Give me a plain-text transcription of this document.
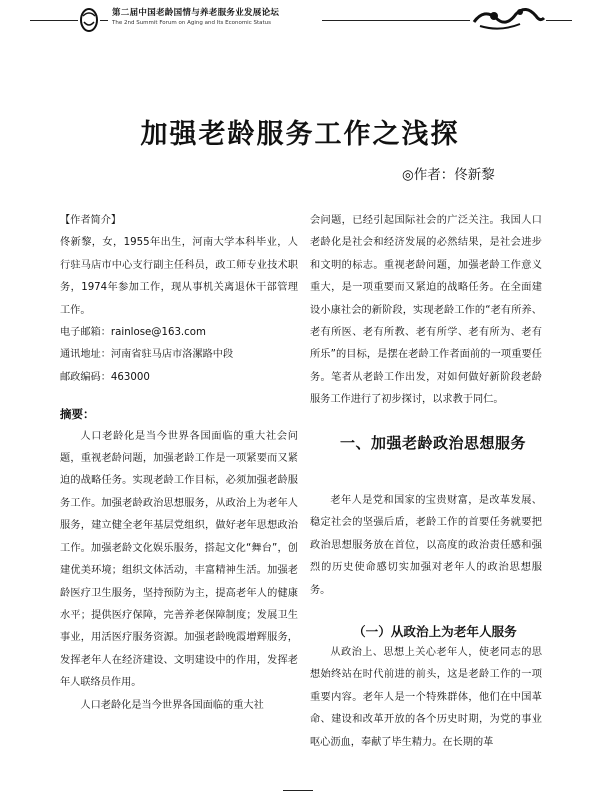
第二届中国老龄国情与养老服务业发展论坛
The 2nd Summit Forum on Aging and Its Economic Status
加强老龄服务工作之浅探
◎作者：佟新黎

【作者简介】

佟新黎，女，1955年出生，河南大学本科毕业，人行驻马店市中心支行副主任科员，政工师专业技术职务，1974年参加工作，现从事机关离退休干部管理工作。

电子邮箱：rainlose@163.com

通讯地址：河南省驻马店市洛漯路中段

邮政编码：463000

摘要：

人口老龄化是当今世界各国面临的重大社会问题，重视老龄问题，加强老龄工作是一项紧要而又紧迫的战略任务。实现老龄工作目标，必须加强老龄服务工作。加强老龄政治思想服务，从政治上为老年人服务，建立健全老年基层党组织，做好老年思想政治工作。加强老龄文化娱乐服务，搭起文化“舞台”，创建优美环境；组织文体活动，丰富精神生活。加强老龄医疗卫生服务，坚持预防为主，提高老年人的健康水平；提供医疗保障，完善养老保障制度；发展卫生事业，用活医疗服务资源。加强老龄晚霞增辉服务，发挥老年人在经济建设、文明建设中的作用，发挥老年人联络员作用。

人口老龄化是当今世界各国面临的重大社

会问题，已经引起国际社会的广泛关注。我国人口老龄化是社会和经济发展的必然结果，是社会进步和文明的标志。重视老龄问题，加强老龄工作意义重大，是一项重要而又紧迫的战略任务。在全面建设小康社会的新阶段，实现老龄工作的“老有所养、老有所医、老有所教、老有所学、老有所为、老有所乐”的目标，是摆在老龄工作者面前的一项重要任务。笔者从老龄工作出发，对如何做好新阶段老龄服务工作进行了初步探讨，以求教于同仁。

一、加强老龄政治思想服务

老年人是党和国家的宝贵财富，是改革发展、稳定社会的坚强后盾，老龄工作的首要任务就要把政治思想服务放在首位，以高度的政治责任感和强烈的历史使命感切实加强对老年人的政治思想服务。

（一）从政治上为老年人服务

从政治上、思想上关心老年人，使老同志的思想始终站在时代前进的前头，这是老龄工作的一项重要内容。老年人是一个特殊群体，他们在中国革命、建设和改革开放的各个历史时期，为党的事业呕心沥血，奉献了毕生精力。在长期的革
